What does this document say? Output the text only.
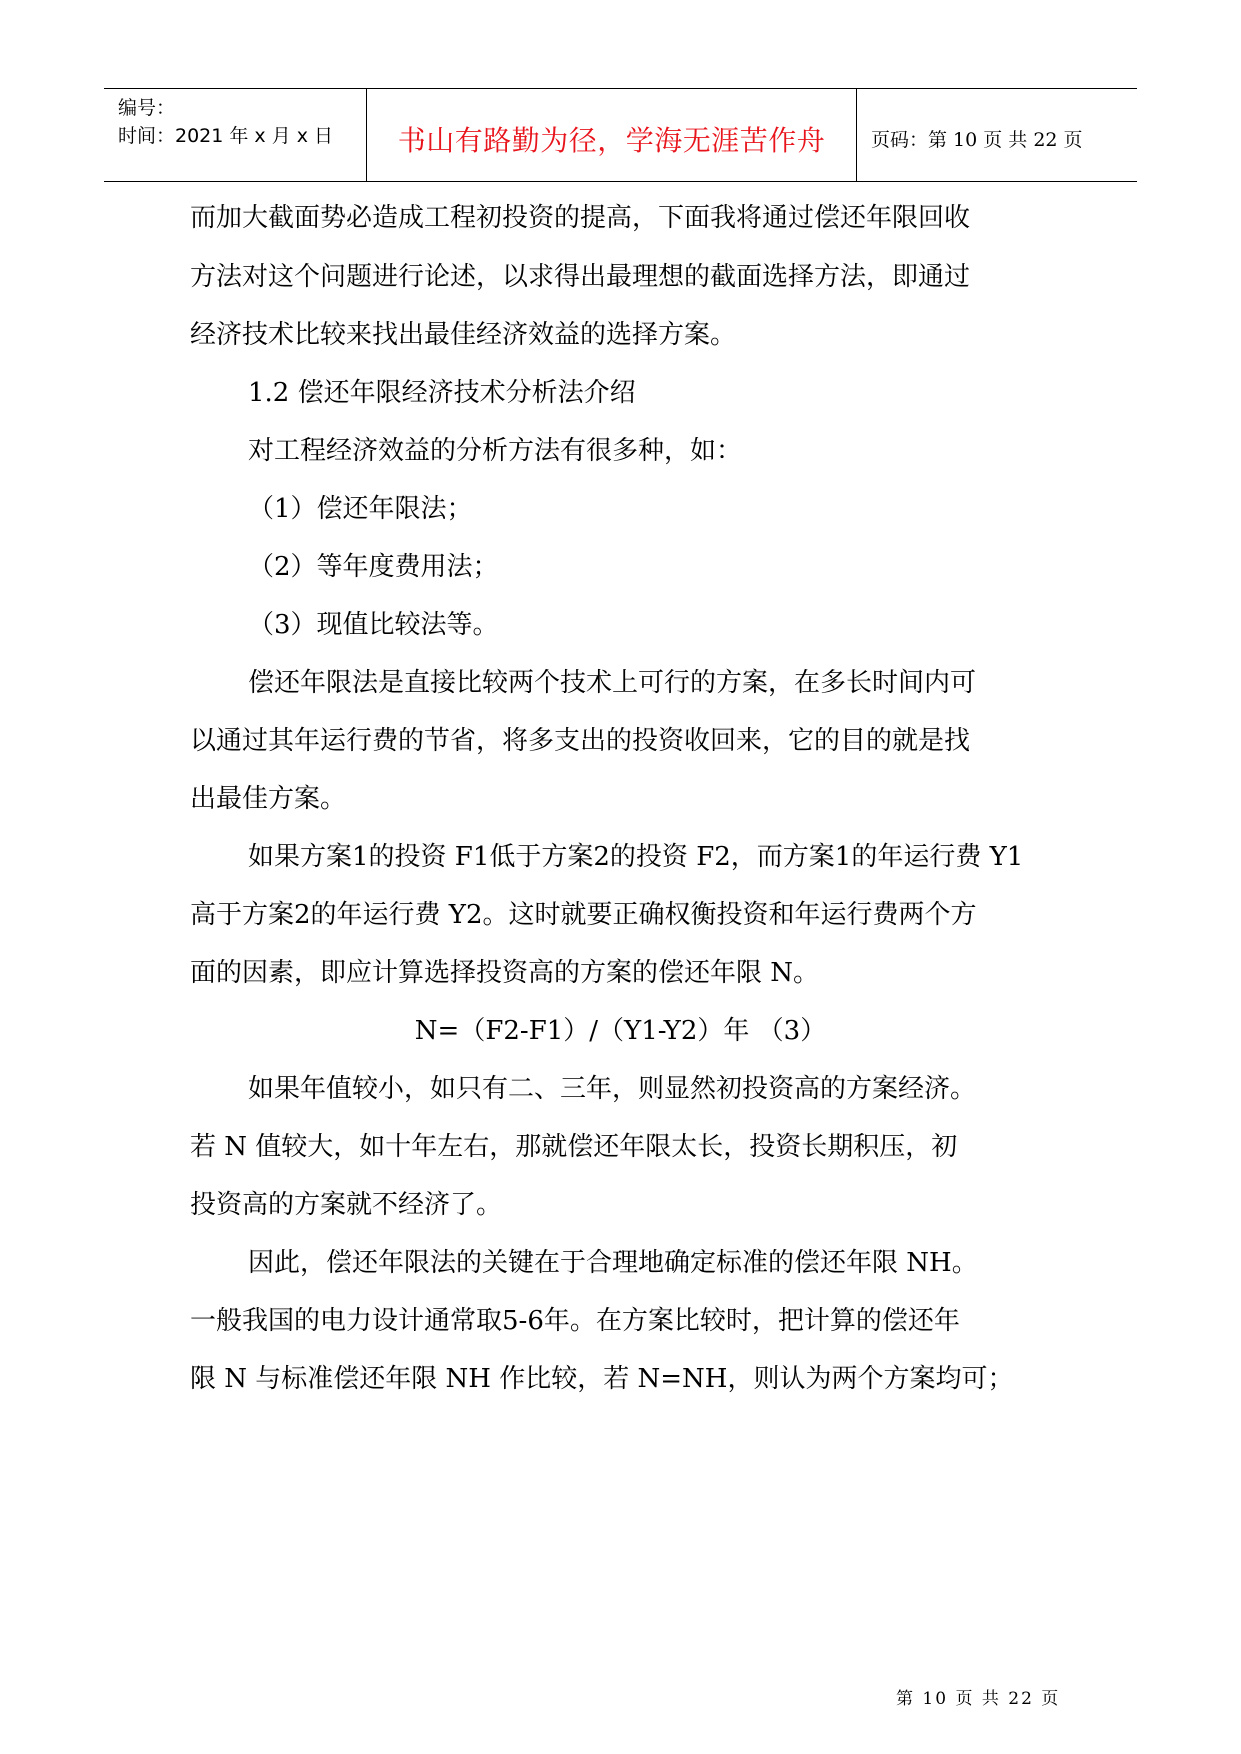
编号：
时间：2021 年 x 月 x 日	书山有路勤为径，学海无涯苦作舟	页码：第 10 页 共 22 页
而加大截面势必造成工程初投资的提高，下面我将通过偿还年限回收
方法对这个问题进行论述，以求得出最理想的截面选择方法，即通过
经济技术比较来找出最佳经济效益的选择方案。
1.2 偿还年限经济技术分析法介绍
对工程经济效益的分析方法有很多种，如：
（1）偿还年限法；
（2）等年度费用法；
（3）现值比较法等。
偿还年限法是直接比较两个技术上可行的方案，在多长时间内可
以通过其年运行费的节省，将多支出的投资收回来，它的目的就是找
出最佳方案。
如果方案1的投资 F1低于方案2的投资 F2，而方案1的年运行费 Y1
高于方案2的年运行费 Y2。这时就要正确权衡投资和年运行费两个方
面的因素，即应计算选择投资高的方案的偿还年限 N。
N=（F2-F1）/（Y1-Y2）年 （3）
如果年值较小，如只有二、三年，则显然初投资高的方案经济。
若 N 值较大，如十年左右，那就偿还年限太长，投资长期积压，初
投资高的方案就不经济了。
因此，偿还年限法的关键在于合理地确定标准的偿还年限 NH。
一般我国的电力设计通常取5-6年。在方案比较时，把计算的偿还年
限 N 与标准偿还年限 NH 作比较，若 N=NH，则认为两个方案均可；
第 10 页 共 22 页
